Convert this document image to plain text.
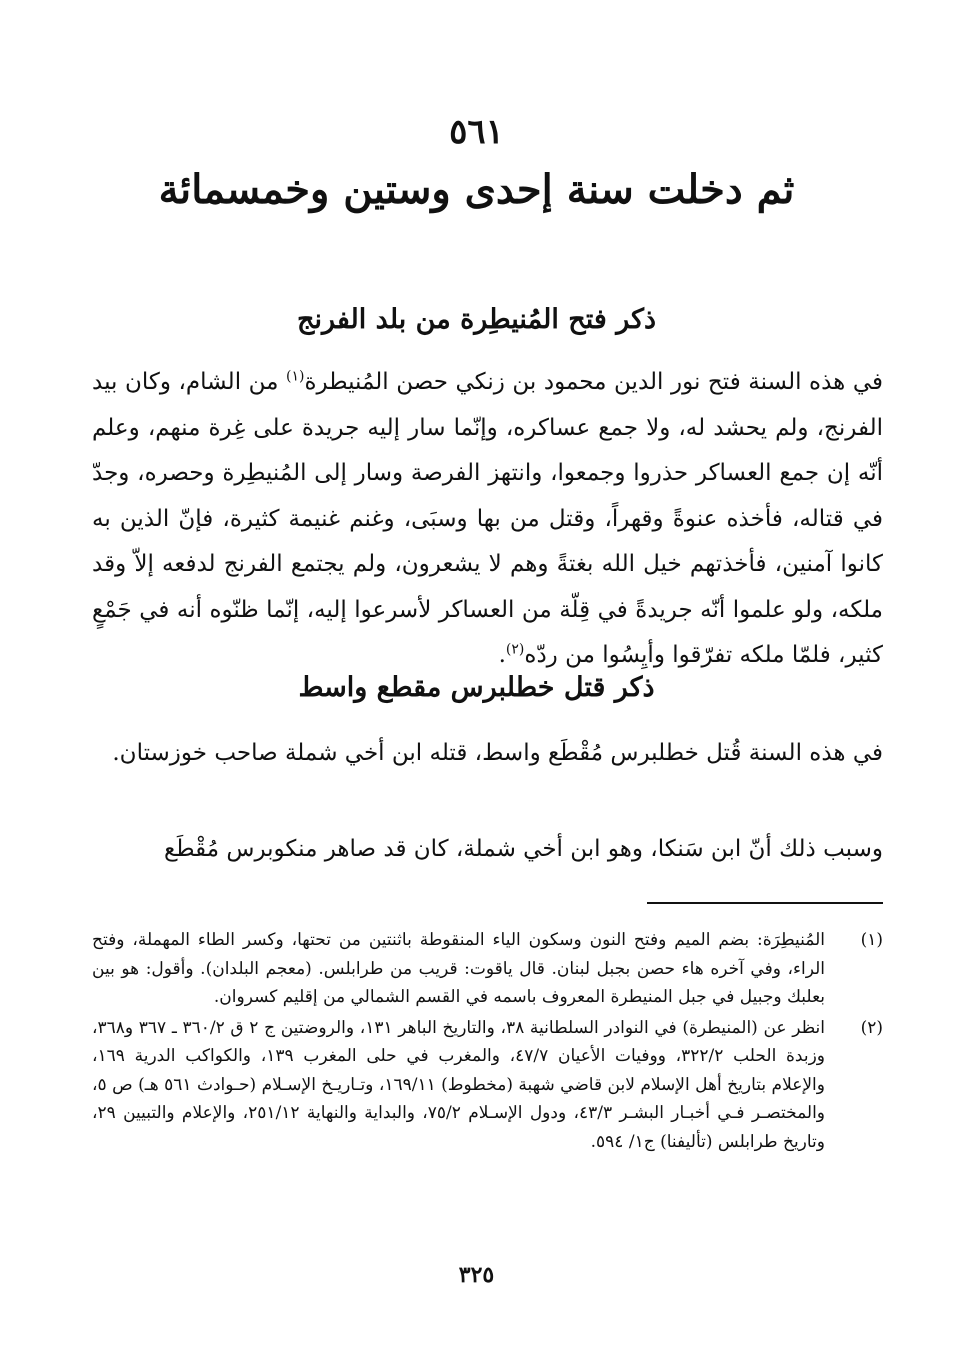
٥٦١
ثم دخلت سنة إحدى وستين وخمسمائة
ذكر فتح المُنيطِرة من بلد الفرنج

في هذه السنة فتح نور الدين محمود بن زنكي حصن المُنيطرة$^{(١)}$ من الشام، وكان بيد الفرنج، ولم يحشد له، ولا جمع عساكره، وإنّما سار إليه جريدة على غِرة منهم، وعلم أنّه إن جمع العساكر حذروا وجمعوا، وانتهز الفرصة وسار إلى المُنيطِرة وحصره، وجدّ في قتاله، فأخذه عنوةً وقهراً، وقتل من بها وسبَى، وغنم غنيمة كثيرة، فإنّ الذين به كانوا آمنين، فأخذتهم خيل الله بغتةً وهم لا يشعرون، ولم يجتمع الفرنج لدفعه إلاّ وقد ملكه، ولو علموا أنّه جريدةً في قِلّة من العساكر لأسرعوا إليه، إنّما ظنّوه أنه في جَمْعٍ كثير، فلمّا ملكه تفرّقوا وأيِسُوا من ردّه$^{(٢)}$.

ذكر قتل خطلبرس مقطع واسط

في هذه السنة قُتل خطلبرس مُقْطَع واسط، قتله ابن أخي شملة صاحب خوزستان.

وسبب ذلك أنّ ابن سَنكا، وهو ابن أخي شملة، كان قد صاهر منكوبرس مُقْطَع

(١)
المُنيطِرَة: بضم الميم وفتح النون وسكون الياء المنقوطة باثنتين من تحتها، وكسر الطاء المهملة، وفتح الراء، وفي آخره هاء حصن بجبل لبنان. قال ياقوت: قريب من طرابلس. (معجم البلدان). وأقول: هو بين بعلبك وجبيل في جبل المنيطرة المعروف باسمه في القسم الشمالي من إقليم كسروان.
(٢)
انظر عن (المنيطرة) في النوادر السلطانية ٣٨، والتاريخ الباهر ١٣١، والروضتين ج ٢ ق ٣٦٠/٢ ـ ٣٦٧ و٣٦٨، وزبدة الحلب ٣٢٢/٢، ووفيات الأعيان ٤٧/٧، والمغرب في حلى المغرب ١٣٩، والكواكب الدرية ١٦٩، والإعلام بتاريخ أهل الإسلام لابن قاضي شهبة (مخطوط) ١٦٩/١١، وتـاريـخ الإسـلام (حـوادث ٥٦١ هـ) ص ٥، والمختصـر فـي أخبـار البشـر ٤٣/٣، ودول الإسـلام ٧٥/٢، والبداية والنهاية ٢٥١/١٢، والإعلام والتبيين ٢٩، وتاريخ طرابلس (تأليفنا) ج١/ ٥٩٤.
٣٢٥
